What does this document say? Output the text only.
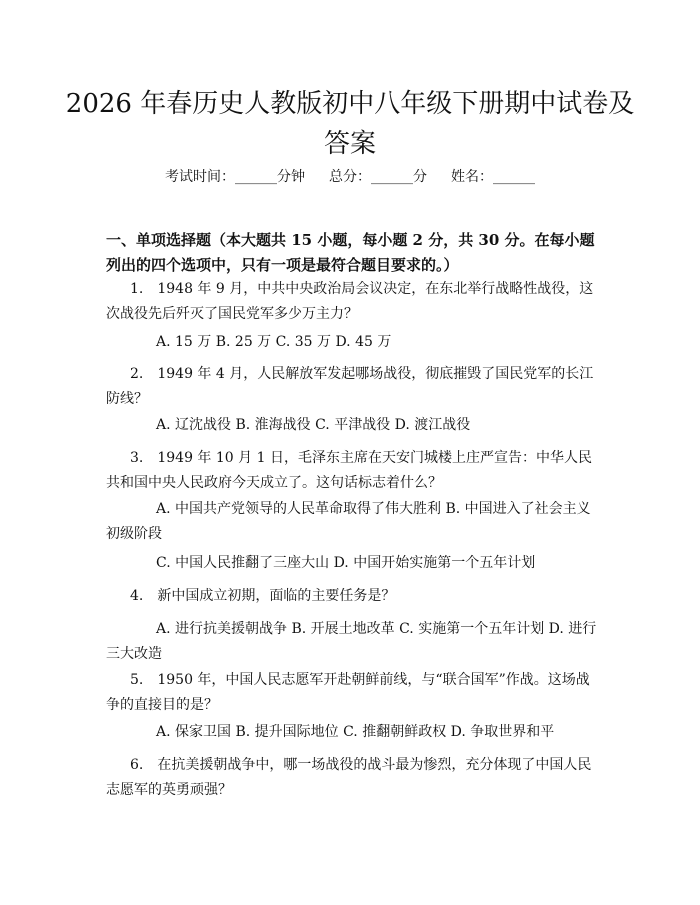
2026 年春历史人教版初中八年级下册期中试卷及答案
考试时间：______分钟 总分：______分 姓名：______
一、单项选择题（本大题共 15 小题，每小题 2 分，共 30 分。在每小题列出的四个选项中，只有一项是最符合题目要求的。）
1.　1948 年 9 月，中共中央政治局会议决定，在东北举行战略性战役，这次战役先后歼灭了国民党军多少万主力？
A. 15 万 B. 25 万 C. 35 万 D. 45 万
2.　1949 年 4 月，人民解放军发起哪场战役，彻底摧毁了国民党军的长江防线？
A. 辽沈战役 B. 淮海战役 C. 平津战役 D. 渡江战役
3.　1949 年 10 月 1 日，毛泽东主席在天安门城楼上庄严宣告：中华人民共和国中央人民政府今天成立了。这句话标志着什么？
A. 中国共产党领导的人民革命取得了伟大胜利 B. 中国进入了社会主义初级阶段
C. 中国人民推翻了三座大山 D. 中国开始实施第一个五年计划
4.　新中国成立初期，面临的主要任务是？
A. 进行抗美援朝战争 B. 开展土地改革 C. 实施第一个五年计划 D. 进行三大改造
5.　1950 年，中国人民志愿军开赴朝鲜前线，与“联合国军”作战。这场战争的直接目的是？
A. 保家卫国 B. 提升国际地位 C. 推翻朝鲜政权 D. 争取世界和平
6.　在抗美援朝战争中，哪一场战役的战斗最为惨烈，充分体现了中国人民志愿军的英勇顽强？
